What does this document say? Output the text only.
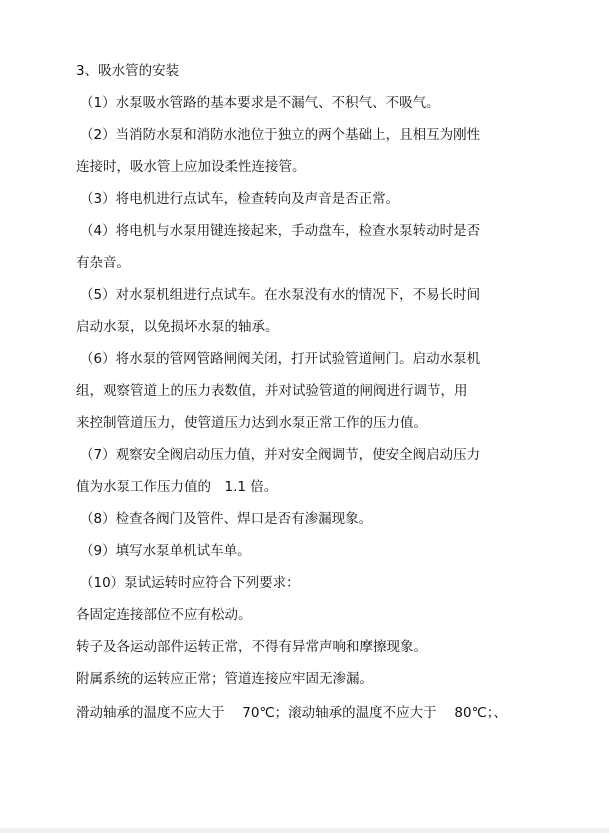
3、吸水管的安装
（1）水泵吸水管路的基本要求是不漏气、不积气、不吸气。
（2）当消防水泵和消防水池位于独立的两个基础上，且相互为刚性
连接时，吸水管上应加设柔性连接管。
（3）将电机进行点试车，检查转向及声音是否正常。
（4）将电机与水泵用键连接起来，手动盘车，检查水泵转动时是否
有杂音。
（5）对水泵机组进行点试车。在水泵没有水的情况下，不易长时间
启动水泵，以免损坏水泵的轴承。
（6）将水泵的管网管路闸阀关闭，打开试验管道闸门。启动水泵机
组，观察管道上的压力表数值，并对试验管道的闸阀进行调节，用
来控制管道压力，使管道压力达到水泵正常工作的压力值。
（7）观察安全阀启动压力值，并对安全阀调节，使安全阀启动压力
值为水泵工作压力值的　1.1 倍。
（8）检查各阀门及管件、焊口是否有渗漏现象。
（9）填写水泵单机试车单。
（10）泵试运转时应符合下列要求：
各固定连接部位不应有松动。
转子及各运动部件运转正常，不得有异常声响和摩擦现象。
附属系统的运转应正常；管道连接应牢固无渗漏。
滑动轴承的温度不应大于　 70℃；滚动轴承的温度不应大于　 80℃；、
